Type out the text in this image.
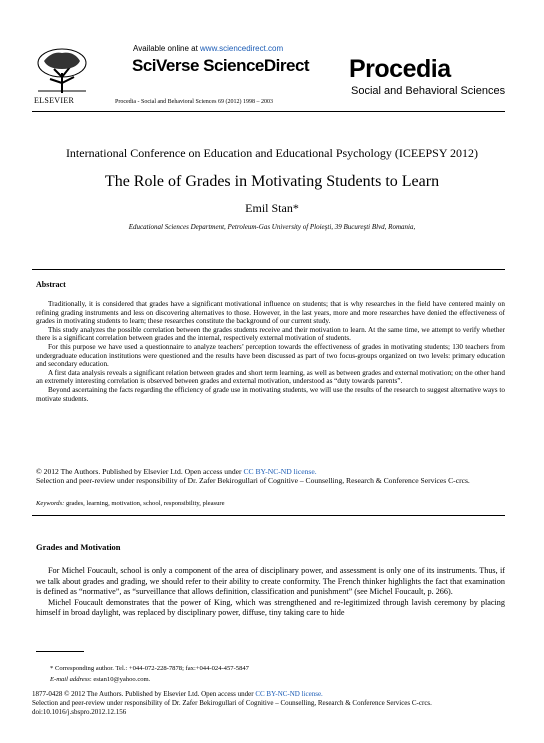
Available online at www.sciencedirect.com
SciVerse ScienceDirect
Procedia - Social and Behavioral Sciences 69 (2012) 1998 – 2003
Procedia
Social and Behavioral Sciences
ELSEVIER
International Conference on Education and Educational Psychology (ICEEPSY 2012)
The Role of Grades in Motivating Students to Learn
Emil Stan*
Educational Sciences Department, Petroleum-Gas University of Ploieşti, 39 Bucureşti Blvd, Romania,
Abstract

Traditionally, it is considered that grades have a significant motivational influence on students; that is why researches in the field have centered mainly on refining grading instruments and less on discovering alternatives to those. However, in the last years, more and more researches have denied the effectiveness of grades in motivating students to learn; these researches constitute the background of our current study.

This study analyzes the possible correlation between the grades students receive and their motivation to learn. At the same time, we attempt to verify whether there is a significant correlation between grades and the internal, respectively external motivation of students.

For this purpose we have used a questionnaire to analyze teachers’ perception towards the effectiveness of grades in motivating students; 130 teachers from undergraduate education institutions were questioned and the results have been discussed as part of two focus-groups organized on two levels: primary education and secondary education.

A first data analysis reveals a significant relation between grades and short term learning, as well as between grades and external motivation; on the other hand an extremely interesting correlation is observed between grades and external motivation, understood as “duty towards parents”.

Beyond ascertaining the facts regarding the efficiency of grade use in motivating students, we will use the results of the research to suggest alternative ways to motivate students.

© 2012 The Authors. Published by Elsevier Ltd. Open access under CC BY-NC-ND license.
Selection and peer-review under responsibility of Dr. Zafer Bekirogullari of Cognitive – Counselling, Research & Conference Services C-crcs.
Keywords: grades, learning, motivation, school, responsibility, pleasure
Grades and Motivation

For Michel Foucault, school is only a component of the area of disciplinary power, and assessment is only one of its instruments. Thus, if we talk about grades and grading, we should refer to their ability to create conformity. The French thinker highlights the fact that examination is defined as “normative”, as “surveillance that allows definition, classification and punishment” (see Michel Foucault, p. 266).

Michel Foucault demonstrates that the power of King, which was strengthened and re-legitimized through lavish ceremony by placing himself in broad daylight, was replaced by disciplinary power, diffuse, tiny taking care to hide

* Corresponding author. Tel.: +044-072-228-7878; fax:+044-024-457-5847
E-mail address: estan10@yahoo.com.
1877-0428 © 2012 The Authors. Published by Elsevier Ltd. Open access under CC BY-NC-ND license.
Selection and peer-review under responsibility of Dr. Zafer Bekirogullari of Cognitive – Counselling, Research & Conference Services C-crcs.
doi:10.1016/j.sbspro.2012.12.156
